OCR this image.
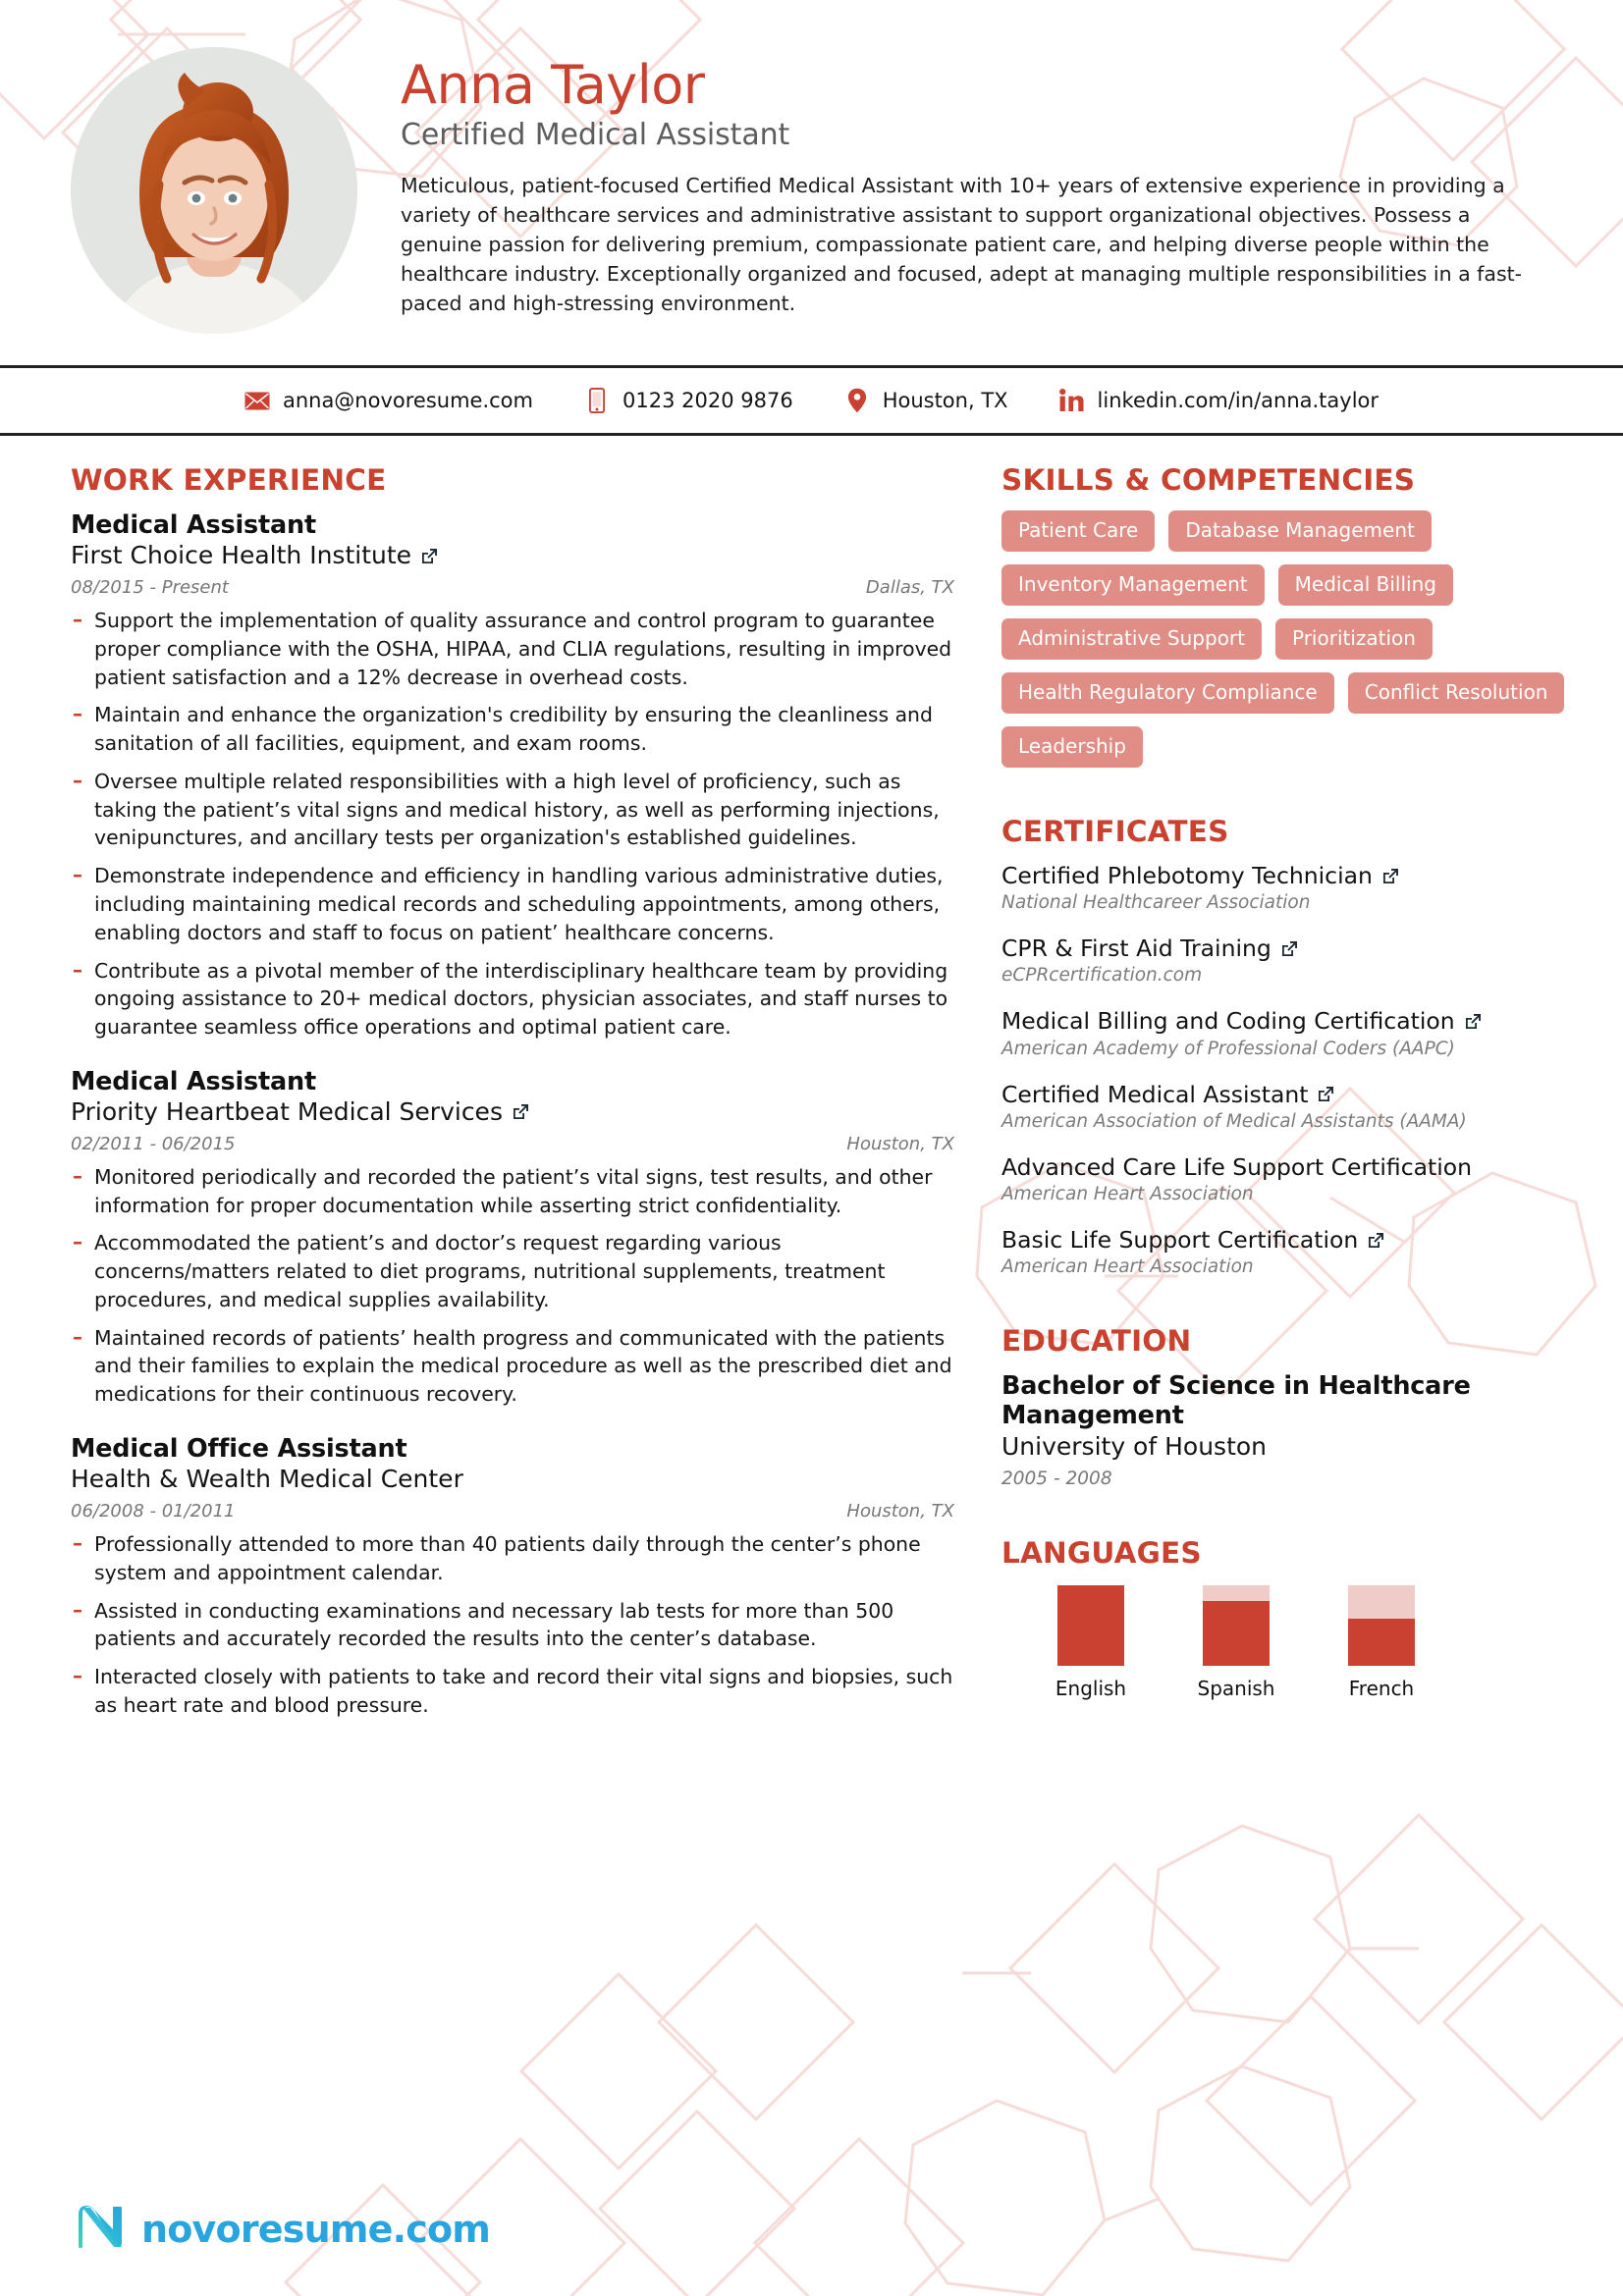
Anna Taylor
Certified Medical Assistant
Meticulous, patient-focused Certified Medical Assistant with 10+ years of extensive experience in providing a variety of healthcare services and administrative assistant to support organizational objectives. Possess a genuine passion for delivering premium, compassionate patient care, and helping diverse people within the healthcare industry. Exceptionally organized and focused, adept at managing multiple responsibilities in a fast-paced and high-stressing environment.
anna@novoresume.com	0123 2020 9876	Houston, TX	linkedin.com/in/anna.taylor
WORK EXPERIENCE
Medical Assistant
First Choice Health Institute
08/2015 - Present	Dallas, TX
– Support the implementation of quality assurance and control program to guarantee proper compliance with the OSHA, HIPAA, and CLIA regulations, resulting in improved patient satisfaction and a 12% decrease in overhead costs.
– Maintain and enhance the organization's credibility by ensuring the cleanliness and sanitation of all facilities, equipment, and exam rooms.
– Oversee multiple related responsibilities with a high level of proficiency, such as taking the patient’s vital signs and medical history, as well as performing injections, venipunctures, and ancillary tests per organization's established guidelines.
– Demonstrate independence and efficiency in handling various administrative duties, including maintaining medical records and scheduling appointments, among others, enabling doctors and staff to focus on patient’ healthcare concerns.
– Contribute as a pivotal member of the interdisciplinary healthcare team by providing ongoing assistance to 20+ medical doctors, physician associates, and staff nurses to guarantee seamless office operations and optimal patient care.
Medical Assistant
Priority Heartbeat Medical Services
02/2011 - 06/2015	Houston, TX
– Monitored periodically and recorded the patient’s vital signs, test results, and other information for proper documentation while asserting strict confidentiality.
– Accommodated the patient’s and doctor’s request regarding various concerns/matters related to diet programs, nutritional supplements, treatment procedures, and medical supplies availability.
– Maintained records of patients’ health progress and communicated with the patients and their families to explain the medical procedure as well as the prescribed diet and medications for their continuous recovery.
Medical Office Assistant
Health & Wealth Medical Center
06/2008 - 01/2011	Houston, TX
– Professionally attended to more than 40 patients daily through the center’s phone system and appointment calendar.
– Assisted in conducting examinations and necessary lab tests for more than 500 patients and accurately recorded the results into the center’s database.
– Interacted closely with patients to take and record their vital signs and biopsies, such as heart rate and blood pressure.
SKILLS & COMPETENCIES
Patient Care	Database Management
Inventory Management	Medical Billing
Administrative Support	Prioritization
Health Regulatory Compliance	Conflict Resolution
Leadership
CERTIFICATES
Certified Phlebotomy Technician
National Healthcareer Association
CPR & First Aid Training
eCPRcertification.com
Medical Billing and Coding Certification
American Academy of Professional Coders (AAPC)
Certified Medical Assistant
American Association of Medical Assistants (AAMA)
Advanced Care Life Support Certification
American Heart Association
Basic Life Support Certification
American Heart Association
EDUCATION
Bachelor of Science in Healthcare Management
University of Houston
2005 - 2008
LANGUAGES
English	Spanish	French
novoresume.com
